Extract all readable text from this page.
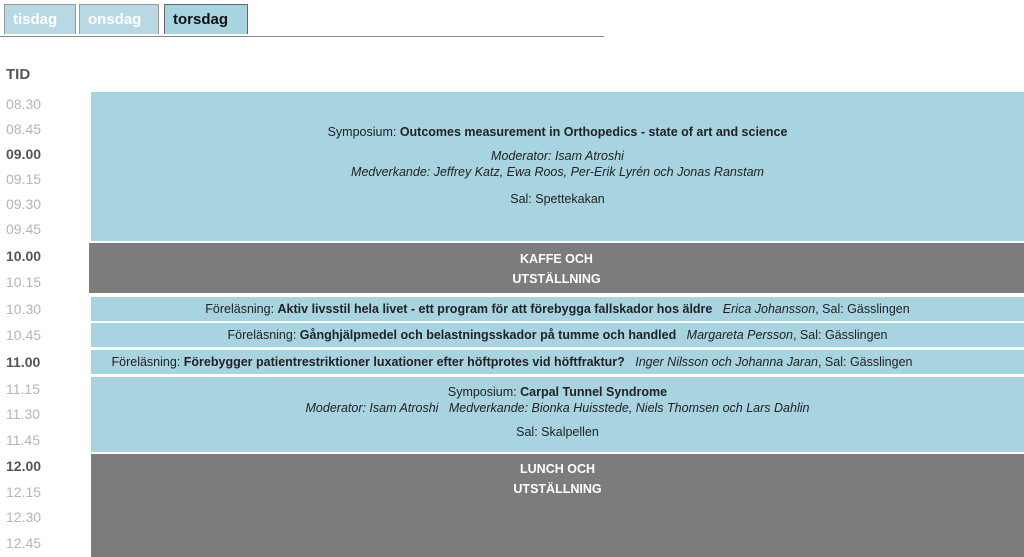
tisdag	onsdag	torsdag
TID
08.30
08.45
09.00
09.15
09.30
09.45
10.00
10.15
10.30
10.45
11.00
11.15
11.30
11.45
12.00
12.15
12.30
12.45
Symposium: Outcomes measurement in Orthopedics - state of art and science
Moderator: Isam Atroshi
Medverkande: Jeffrey Katz, Ewa Roos, Per-Erik Lyrén och Jonas Ranstam
Sal: Spettekakan
KAFFE OCH
UTSTÄLLNING
Föreläsning: Aktiv livsstil hela livet - ett program för att förebygga fallskador hos äldre Erica Johansson, Sal: Gässlingen
Föreläsning: Gånghjälpmedel och belastningsskador på tumme och handled Margareta Persson, Sal: Gässlingen
Föreläsning: Förebygger patientrestriktioner luxationer efter höftprotes vid höftfraktur? Inger Nilsson och Johanna Jaran, Sal: Gässlingen
Symposium: Carpal Tunnel Syndrome
Moderator: Isam Atroshi Medverkande: Bionka Huisstede, Niels Thomsen och Lars Dahlin
Sal: Skalpellen
LUNCH OCH
UTSTÄLLNING
